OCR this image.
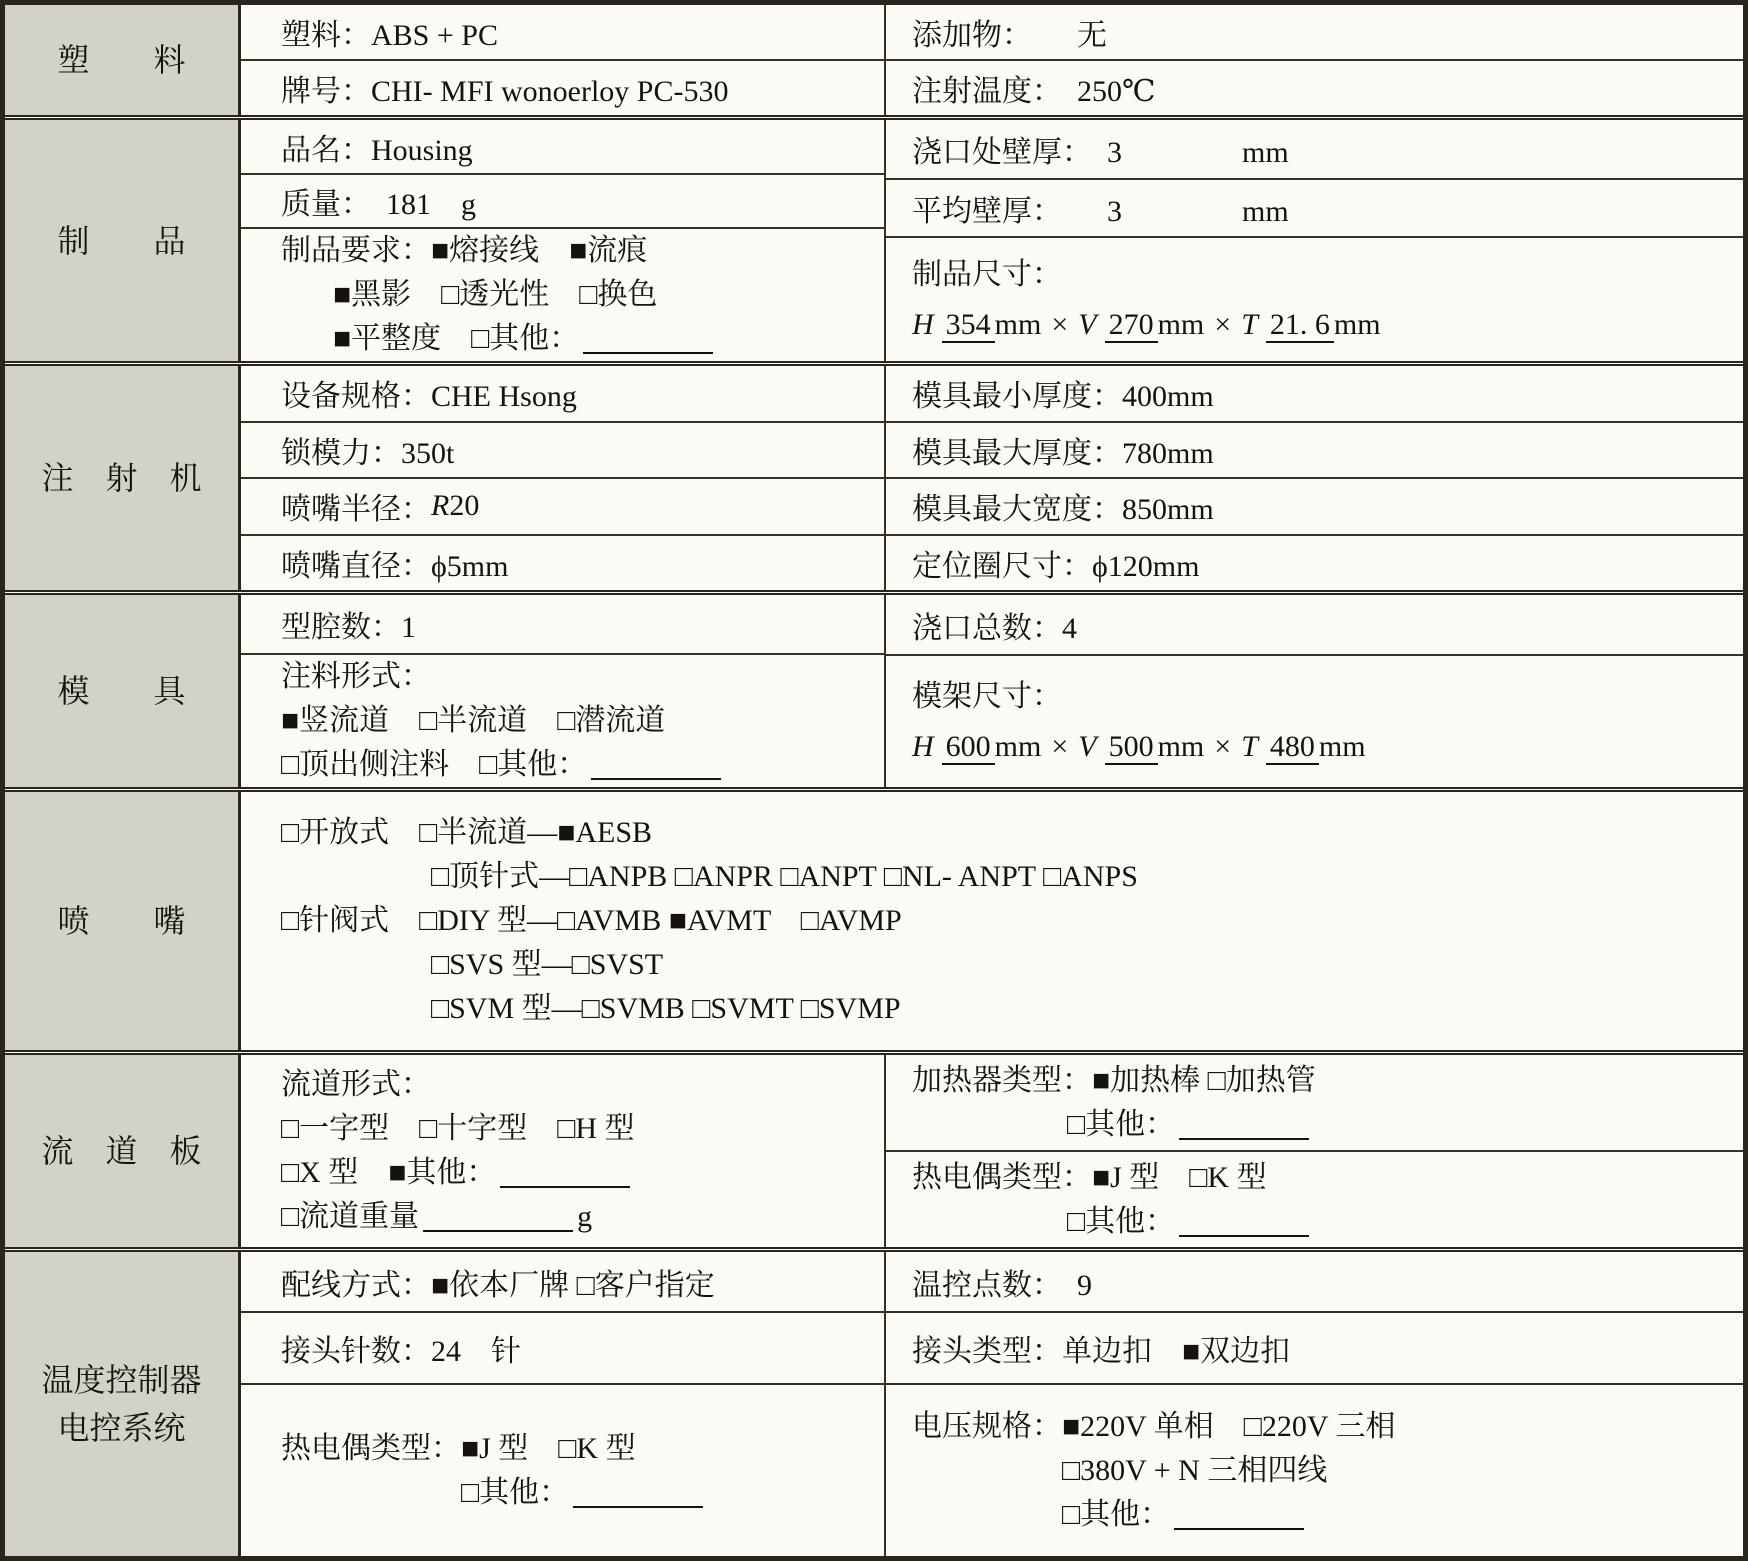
塑　　料
塑料：ABS + PC
牌号：CHI- MFI wonoerloy PC-530
添加物：　　无
注射温度：　250℃
制　　品
品名：Housing
质量：　181　g
制品要求：■熔接线　■流痕
■黑影　□透光性　□换色
■平整度　□其他：
浇口处壁厚：　3　　　　mm
平均壁厚：　　3　　　　mm
制品尺寸：
H 354 mm × V 270 mm × T 21. 6 mm
注　射　机
设备规格：CHE Hsong
锁模力：350t
喷嘴半径： R 20
喷嘴直径：ϕ5mm
模具最小厚度：400mm
模具最大厚度：780mm
模具最大宽度：850mm
定位圈尺寸：ϕ120mm
模　　具
型腔数：1
注料形式：
■竖流道　□半流道　□潜流道
□顶出侧注料　□其他：
浇口总数：4
模架尺寸：
H 600 mm × V 500 mm × T 480 mm
喷　　嘴
□开放式　□半流道—■AESB
□顶针式—□ANPB □ANPR □ANPT □NL- ANPT □ANPS
□针阀式　□DIY 型—□AVMB ■AVMT　□AVMP
□SVS 型—□SVST
□SVM 型—□SVMB □SVMT □SVMP
流　道　板
流道形式：
□一字型　□十字型　□H 型
□X 型　■其他：
□流道重量	g
加热器类型：■加热棒 □加热管
□其他：
热电偶类型：■J 型　□K 型
□其他：
温度控制器
电控系统
配线方式：■依本厂牌 □客户指定
接头针数：24　针
热电偶类型：■J 型　□K 型
□其他：
温控点数：　9
接头类型：单边扣　■双边扣
电压规格：■220V 单相　□220V 三相
□380V + N 三相四线
□其他：
